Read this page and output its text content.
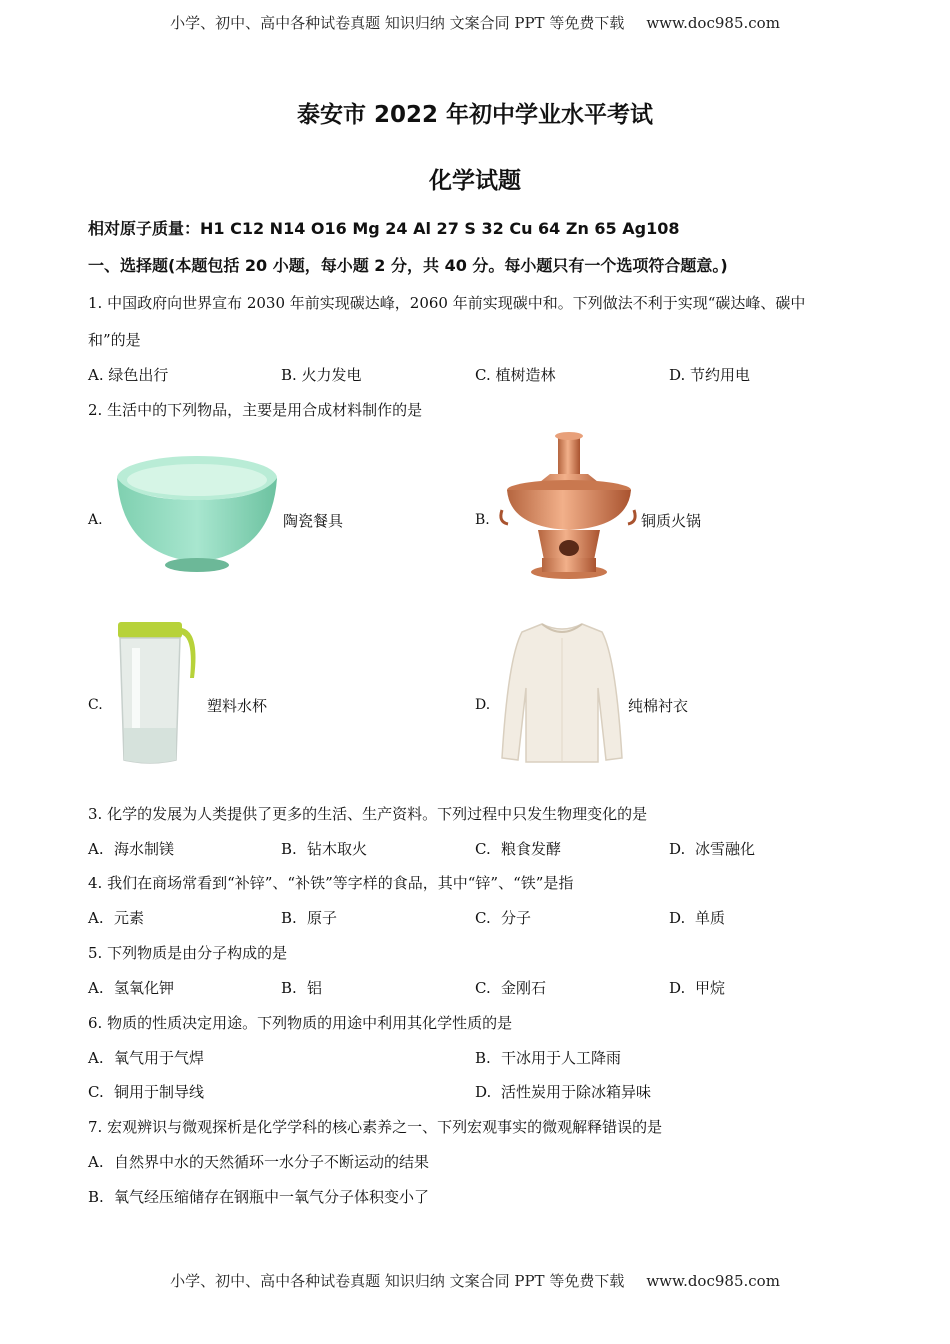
小学、初中、高中各种试卷真题 知识归纳 文案合同 PPT 等免费下载 www.doc985.com
泰安市 2022 年初中学业水平考试
化学试题
相对原子质量：H1 C12 N14 O16 Mg 24 Al 27 S 32 Cu 64 Zn 65 Ag108
一、选择题(本题包括 20 小题，每小题 2 分，共 40 分。每小题只有一个选项符合题意。)
1. 中国政府向世界宣布 2030 年前实现碳达峰，2060 年前实现碳中和。下列做法不利于实现“碳达峰、碳中
和”的是
A. 绿色出行	B. 火力发电	C. 植树造林	D. 节约用电
2. 生活中的下列物品，主要是用合成材料制作的是
A.	陶瓷餐具	B.	铜质火锅
C.	塑料水杯	D.	纯棉衬衣
3. 化学的发展为人类提供了更多的生活、生产资料。下列过程中只发生物理变化的是
A. 海水制镁	B. 钻木取火	C. 粮食发酵	D. 冰雪融化
4. 我们在商场常看到“补锌”、“补铁”等字样的食品，其中“锌”、“铁”是指
A. 元素	B. 原子	C. 分子	D. 单质
5. 下列物质是由分子构成的是
A. 氢氧化钾	B. 铝	C. 金刚石	D. 甲烷
6. 物质的性质决定用途。下列物质的用途中利用其化学性质的是
A. 氧气用于气焊	B. 干冰用于人工降雨
C. 铜用于制导线	D. 活性炭用于除冰箱异味
7. 宏观辨识与微观探析是化学学科的核心素养之一、下列宏观事实的微观解释错误的是
A. 自然界中水的天然循环一水分子不断运动的结果
B. 氧气经压缩储存在钢瓶中一氧气分子体积变小了
小学、初中、高中各种试卷真题 知识归纳 文案合同 PPT 等免费下载 www.doc985.com
